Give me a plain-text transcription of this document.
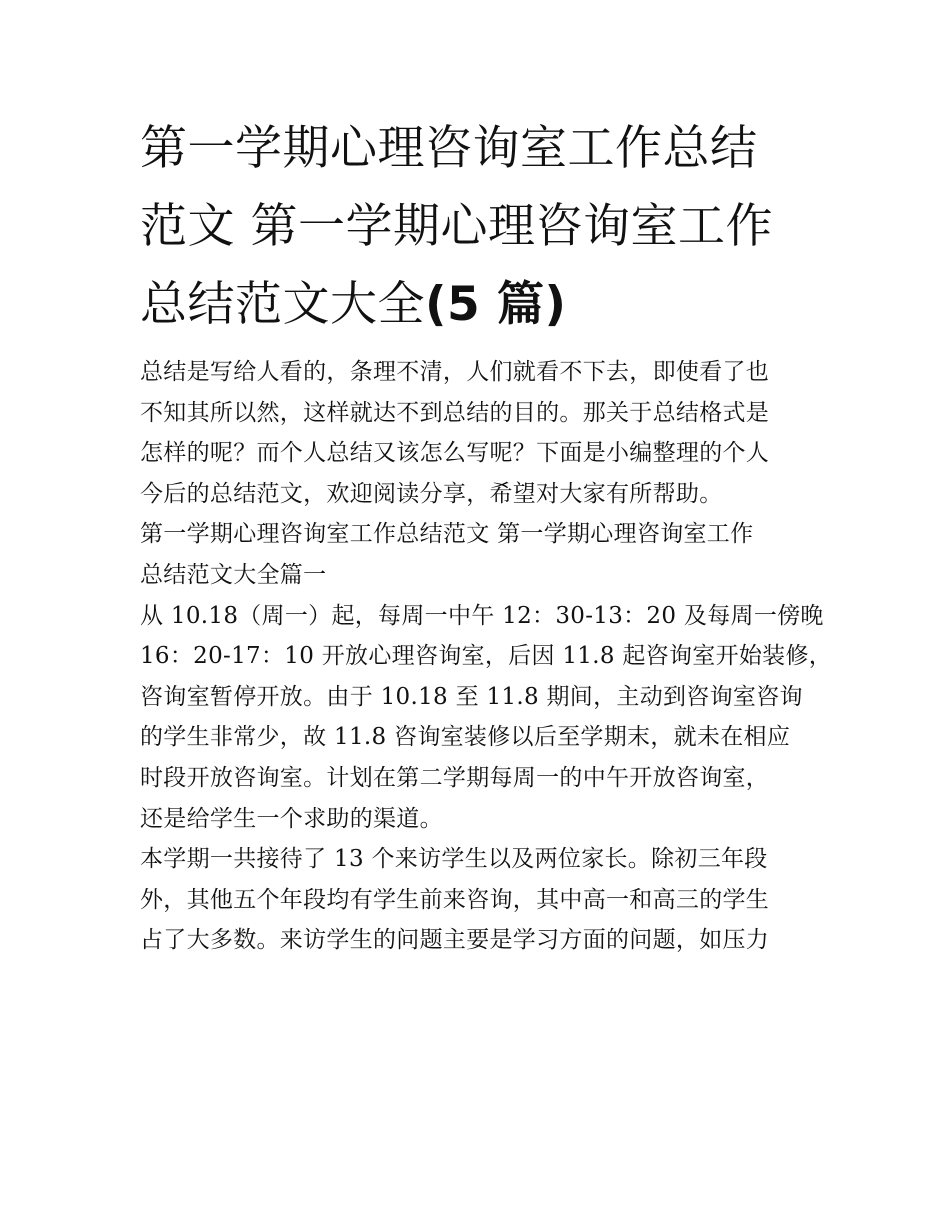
第一学期心理咨询室工作总结
范文 第一学期心理咨询室工作
总结范文大全(5 篇)
总结是写给人看的，条理不清，人们就看不下去，即使看了也
不知其所以然，这样就达不到总结的目的。那关于总结格式是
怎样的呢？而个人总结又该怎么写呢？下面是小编整理的个人
今后的总结范文，欢迎阅读分享，希望对大家有所帮助。
第一学期心理咨询室工作总结范文 第一学期心理咨询室工作
总结范文大全篇一
从 10.18（周一）起，每周一中午 12：30-13：20 及每周一傍晚
16：20-17：10 开放心理咨询室，后因 11.8 起咨询室开始装修，
咨询室暂停开放。由于 10.18 至 11.8 期间，主动到咨询室咨询
的学生非常少，故 11.8 咨询室装修以后至学期末，就未在相应
时段开放咨询室。计划在第二学期每周一的中午开放咨询室，
还是给学生一个求助的渠道。
本学期一共接待了 13 个来访学生以及两位家长。除初三年段
外，其他五个年段均有学生前来咨询，其中高一和高三的学生
占了大多数。来访学生的问题主要是学习方面的问题，如压力
